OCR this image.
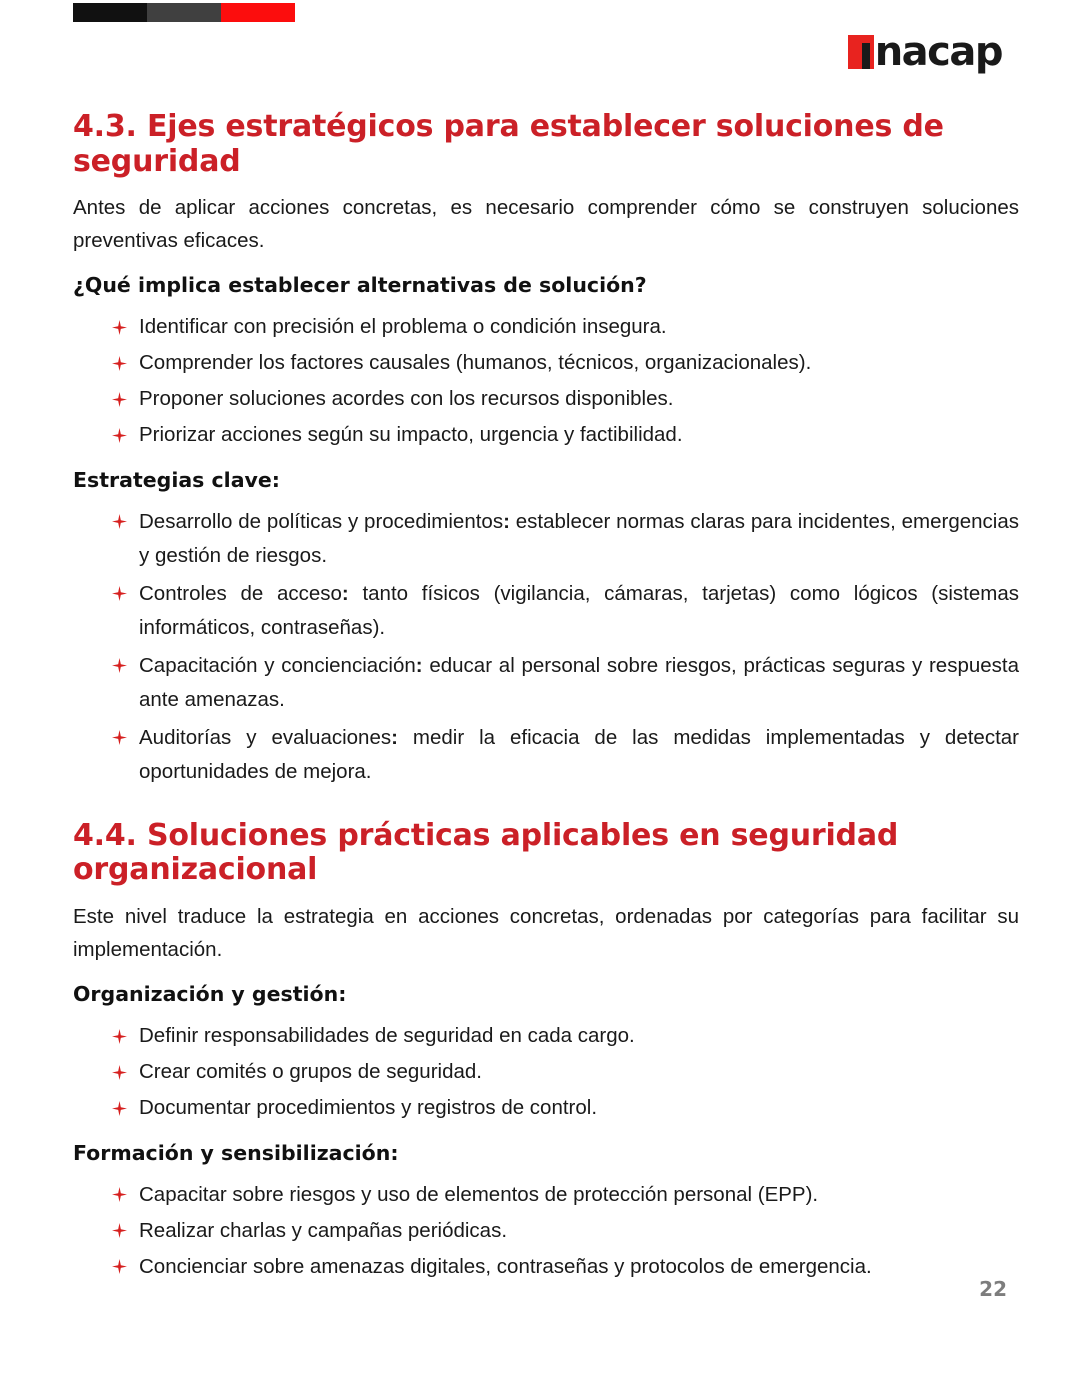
nacap
4.3. Ejes estratégicos para establecer soluciones de seguridad

Antes de aplicar acciones concretas, es necesario comprender cómo se construyen soluciones preventivas eficaces.

¿Qué implica establecer alternativas de solución?
Identificar con precisión el problema o condición insegura.
Comprender los factores causales (humanos, técnicos, organizacionales).
Proponer soluciones acordes con los recursos disponibles.
Priorizar acciones según su impacto, urgencia y factibilidad.
Estrategias clave:
Desarrollo de políticas y procedimientos: establecer normas claras para incidentes, emergencias y gestión de riesgos.
Controles de acceso: tanto físicos (vigilancia, cámaras, tarjetas) como lógicos (sistemas informáticos, contraseñas).
Capacitación y concienciación: educar al personal sobre riesgos, prácticas seguras y respuesta ante amenazas.
Auditorías y evaluaciones: medir la eficacia de las medidas implementadas y detectar oportunidades de mejora.
4.4. Soluciones prácticas aplicables en seguridad organizacional

Este nivel traduce la estrategia en acciones concretas, ordenadas por categorías para facilitar su implementación.

Organización y gestión:
Definir responsabilidades de seguridad en cada cargo.
Crear comités o grupos de seguridad.
Documentar procedimientos y registros de control.
Formación y sensibilización:
Capacitar sobre riesgos y uso de elementos de protección personal (EPP).
Realizar charlas y campañas periódicas.
Concienciar sobre amenazas digitales, contraseñas y protocolos de emergencia.
22
